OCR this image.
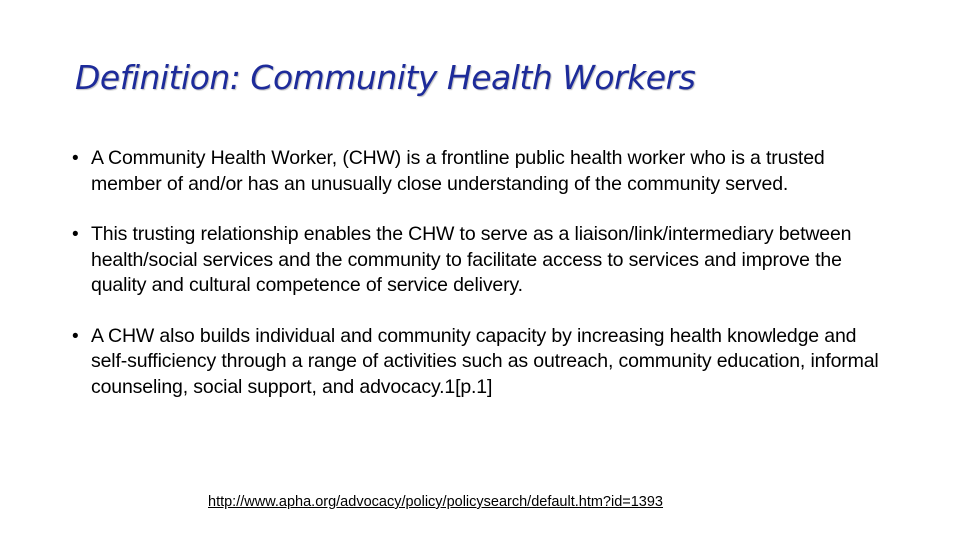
Definition: Community Health Workers
• A Community Health Worker, (CHW) is a frontline public health worker who is a trusted member of and/or has an unusually close understanding of the community served.
• This trusting relationship enables the CHW to serve as a liaison/link/intermediary between health/social services and the community to facilitate access to services and improve the quality and cultural competence of service delivery.
• A CHW also builds individual and community capacity by increasing health knowledge and self-sufficiency through a range of activities such as outreach, community education, informal counseling, social support, and advocacy.1[p.1]
http://www.apha.org/advocacy/policy/policysearch/default.htm?id=1393
